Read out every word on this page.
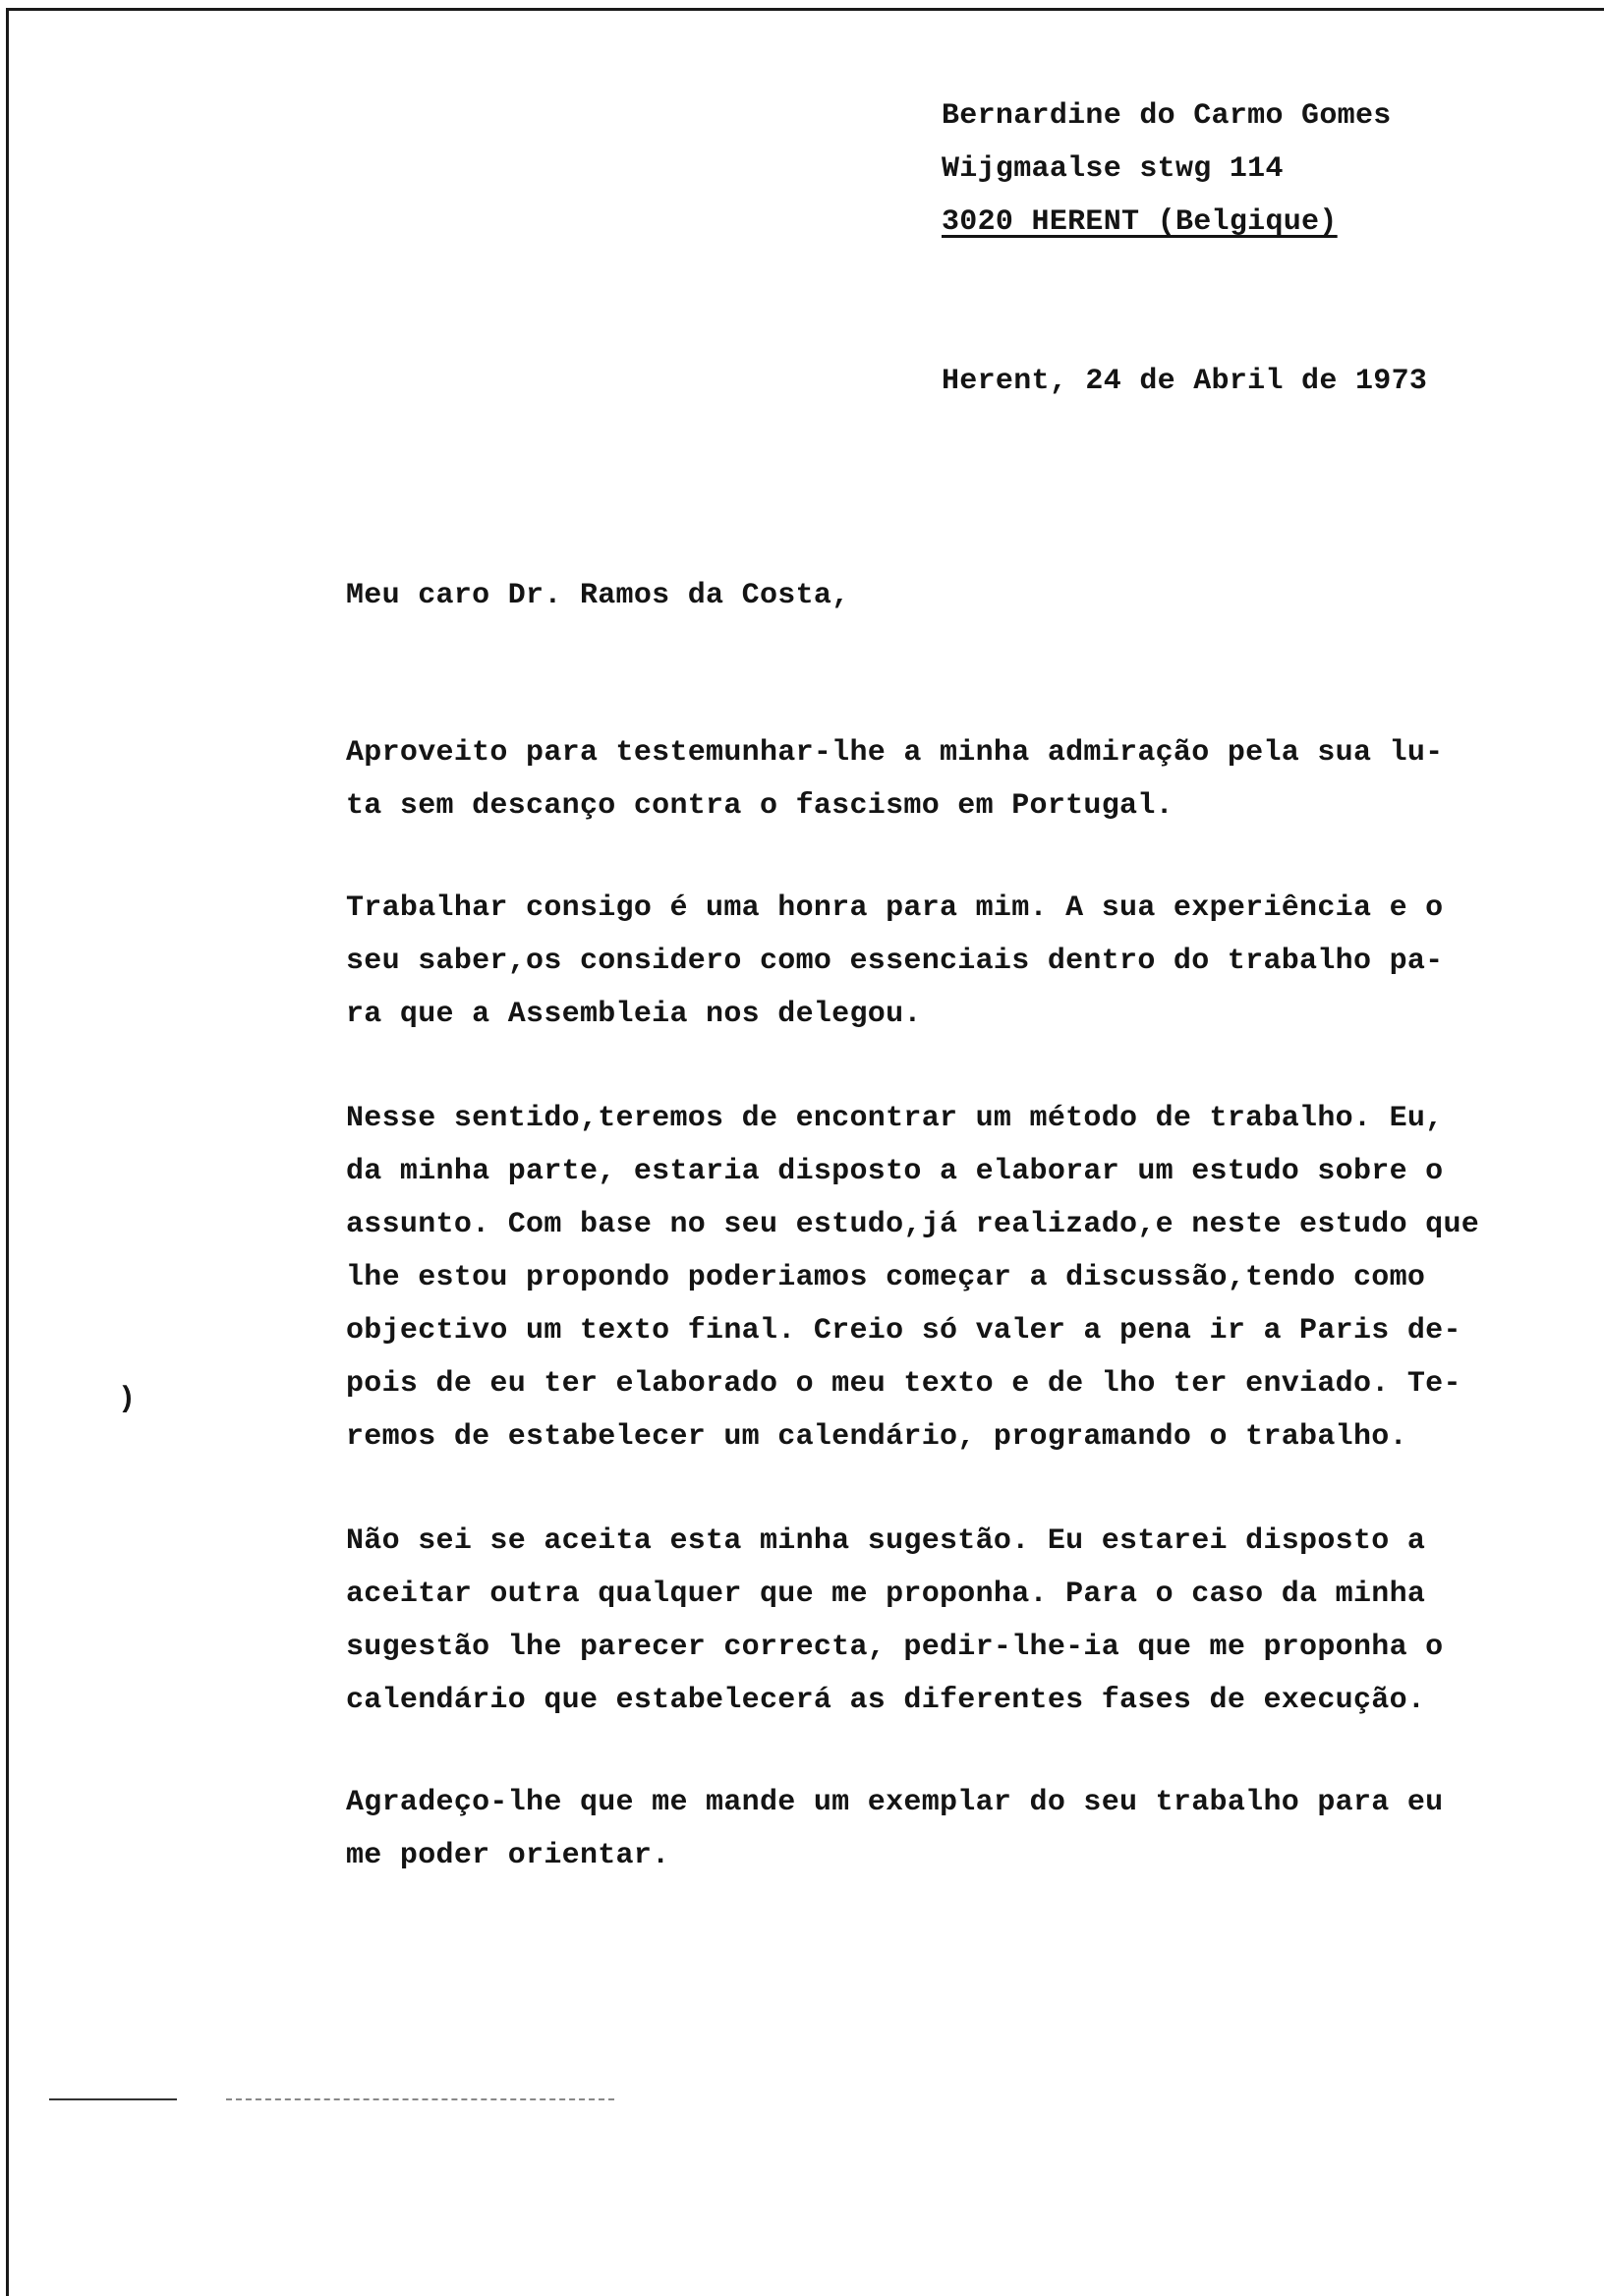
Bernardine do Carmo Gomes
Wijgmaalse stwg 114
3020 HERENT (Belgique)
Herent, 24 de Abril de 1973
Meu caro Dr. Ramos da Costa,
Aproveito para testemunhar-lhe a minha admiração pela sua lu-
ta sem descanço contra o fascismo em Portugal.
Trabalhar consigo é uma honra para mim. A sua experiência e o
seu saber,os considero como essenciais dentro do trabalho pa-
ra que a Assembleia nos delegou.
Nesse sentido,teremos de encontrar um método de trabalho. Eu,
da minha parte, estaria disposto a elaborar um estudo sobre o
assunto. Com base no seu estudo,já realizado,e neste estudo que
lhe estou propondo poderiamos começar a discussão,tendo como
objectivo um texto final. Creio só valer a pena ir a Paris de-
pois de eu ter elaborado o meu texto e de lho ter enviado. Te-
remos de estabelecer um calendário, programando o trabalho.
Não sei se aceita esta minha sugestão. Eu estarei disposto a
aceitar outra qualquer que me proponha. Para o caso da minha
sugestão lhe parecer correcta, pedir-lhe-ia que me proponha o
calendário que estabelecerá as diferentes fases de execução.
Agradeço-lhe que me mande um exemplar do seu trabalho para eu
me poder orientar.
)
